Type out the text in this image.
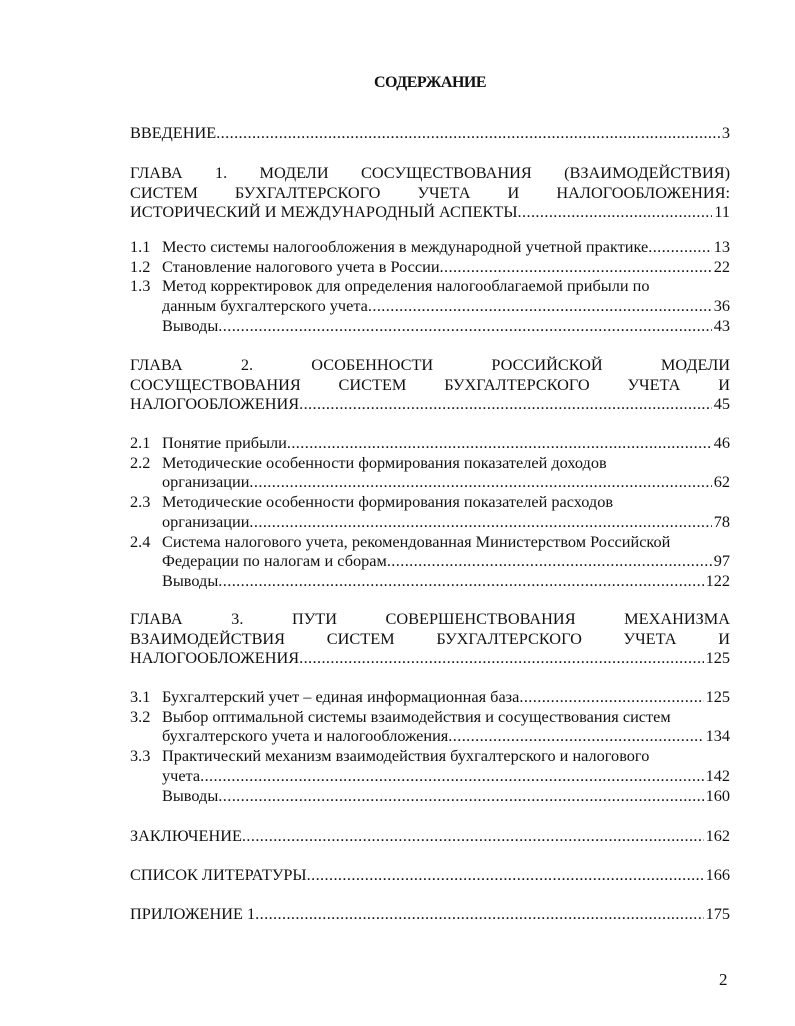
СОДЕРЖАНИЕ
ВВЕДЕНИЕ .....	3
ГЛАВА 1. МОДЕЛИ СОСУЩЕСТВОВАНИЯ (ВЗАИМОДЕЙСТВИЯ)
СИСТЕМ БУХГАЛТЕРСКОГО УЧЕТА И НАЛОГООБЛОЖЕНИЯ:
ИСТОРИЧЕСКИЙ И МЕЖДУНАРОДНЫЙ АСПЕКТЫ .....	11
1.1 Место системы налогообложения в международной учетной практике .....	13
1.2 Становление налогового учета в России .....	22
1.3 Метод корректировок для определения налогооблагаемой прибыли по
данным бухгалтерского учета .....	36
Выводы .....	43
ГЛАВА 2. ОСОБЕННОСТИ РОССИЙСКОЙ МОДЕЛИ
СОСУЩЕСТВОВАНИЯ СИСТЕМ БУХГАЛТЕРСКОГО УЧЕТА И
НАЛОГООБЛОЖЕНИЯ .....	45
2.1 Понятие прибыли .....	46
2.2 Методические особенности формирования показателей доходов
организации .....	62
2.3 Методические особенности формирования показателей расходов
организации .....	78
2.4 Система налогового учета, рекомендованная Министерством Российской
Федерации по налогам и сборам .....	97
Выводы .....	122
ГЛАВА 3. ПУТИ СОВЕРШЕНСТВОВАНИЯ МЕХАНИЗМА
ВЗАИМОДЕЙСТВИЯ СИСТЕМ БУХГАЛТЕРСКОГО УЧЕТА И
НАЛОГООБЛОЖЕНИЯ .....	125
3.1 Бухгалтерский учет – единая информационная база .....	125
3.2 Выбор оптимальной системы взаимодействия и сосуществования систем
бухгалтерского учета и налогообложения .....	134
3.3 Практический механизм взаимодействия бухгалтерского и налогового
учета .....	142
Выводы .....	160
ЗАКЛЮЧЕНИЕ .....	162
СПИСОК ЛИТЕРАТУРЫ .....	166
ПРИЛОЖЕНИЕ 1 .....	175
2
